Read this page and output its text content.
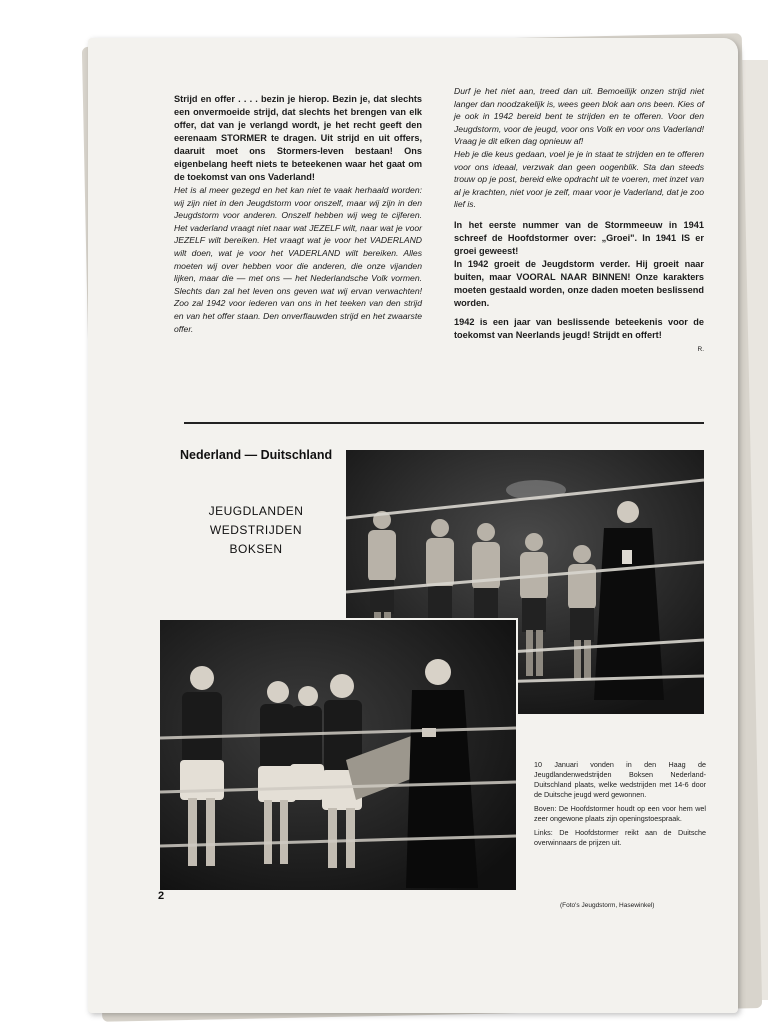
Strijd en offer . . . . bezin je hierop. Bezin je, dat slechts een onvermoeide strijd, dat slechts het brengen van elk offer, dat van je verlangd wordt, je het recht geeft den eerenaam STORMER te dragen. Uit strijd en uit offers, daaruit moet ons Stormers-leven bestaan! Ons eigenbelang heeft niets te beteekenen waar het gaat om de toekomst van ons Vaderland!

Het is al meer gezegd en het kan niet te vaak herhaald worden: wij zijn niet in den Jeugdstorm voor onszelf, maar wij zijn in den Jeugdstorm voor anderen. Onszelf hebben wij weg te cijferen. Het vaderland vraagt niet naar wat JEZELF wilt, naar wat je voor JEZELF wilt bereiken. Het vraagt wat je voor het VADERLAND wilt doen, wat je voor het VADERLAND wilt bereiken. Alles moeten wij over hebben voor die anderen, die onze vijanden lijken, maar die — met ons — het Nederlandsche Volk vormen. Slechts dan zal het leven ons geven wat wij ervan verwachten! Zoo zal 1942 voor iederen van ons in het teeken van den strijd en van het offer staan. Den onverflauwden strijd en het zwaarste offer.

Durf je het niet aan, treed dan uit. Bemoeilijk onzen strijd niet langer dan noodzakelijk is, wees geen blok aan ons been. Kies of je ook in 1942 bereid bent te strijden en te offeren. Voor den Jeugdstorm, voor de jeugd, voor ons Volk en voor ons Vaderland! Vraag je dit elken dag opnieuw af!

Heb je die keus gedaan, voel je je in staat te strijden en te offeren voor ons ideaal, verzwak dan geen oogenblik. Sta dan steeds trouw op je post, bereid elke opdracht uit te voeren, met inzet van al je krachten, niet voor je zelf, maar voor je Vaderland, dat je zoo lief is.

In het eerste nummer van de Stormmeeuw in 1941 schreef de Hoofdstormer over: „Groei". In 1941 IS er groei geweest!

In 1942 groeit de Jeugdstorm verder. Hij groeit naar buiten, maar VOORAL NAAR BINNEN! Onze karakters moeten gestaald worden, onze daden moeten beslissend worden.

1942 is een jaar van beslissende beteekenis voor de toekomst van Neerlands jeugd! Strijdt en offert!

R.

Nederland — Duitschland
JEUGDLANDEN
WEDSTRIJDEN
BOKSEN

10 Januari vonden in den Haag de Jeugdlandenwedstrijden Boksen Nederland-Duitschland plaats, welke wedstrijden met 14-6 door de Duitsche jeugd werd gewonnen.

Boven: De Hoofdstormer houdt op een voor hem wel zeer ongewone plaats zijn openingstoespraak.

Links: De Hoofdstormer reikt aan de Duitsche overwinnaars de prijzen uit.

2
(Foto's Jeugdstorm, Hasewinkel)
